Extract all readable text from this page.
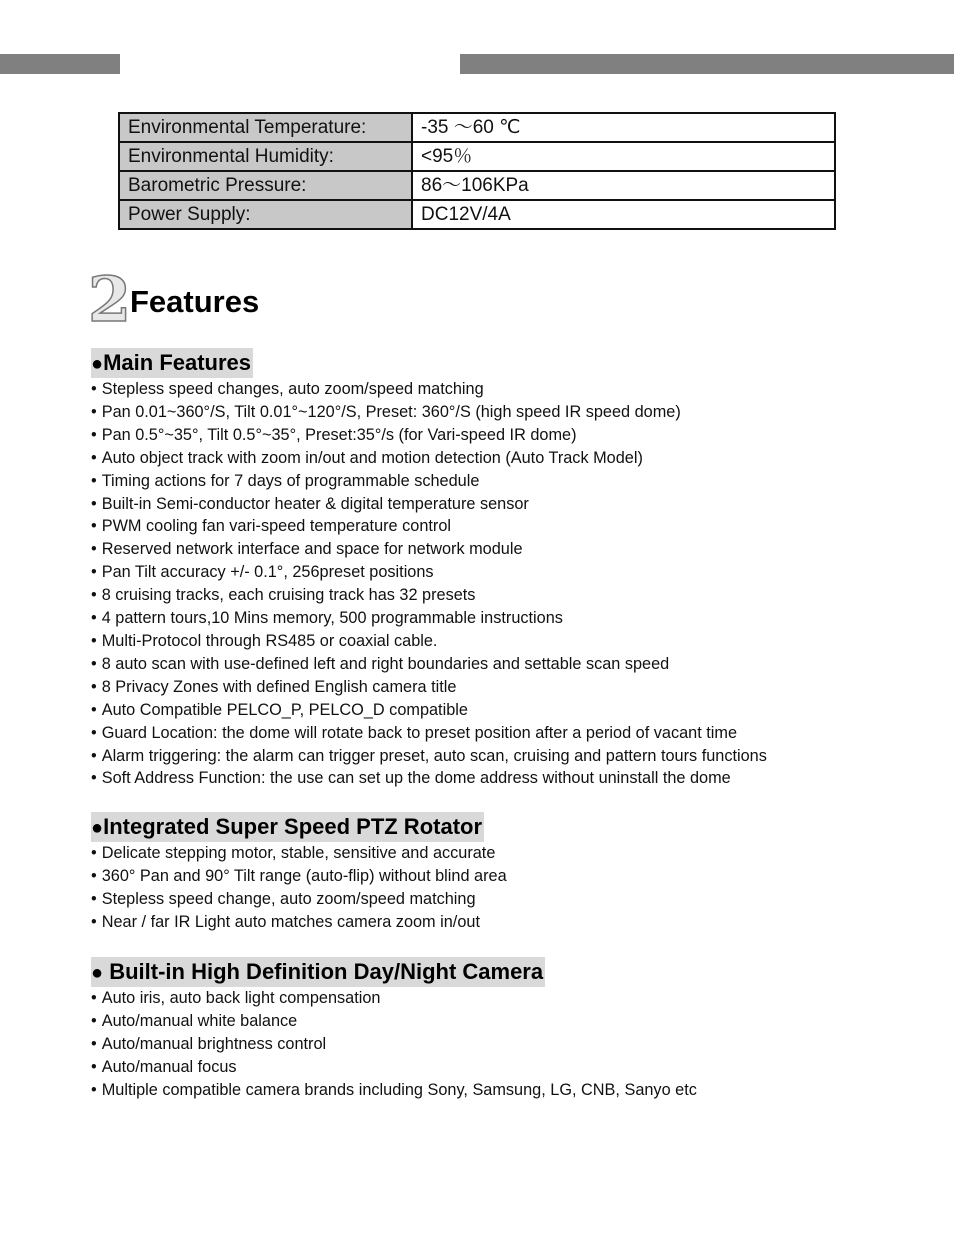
Environmental Temperature:	-35 ～60 ℃
Environmental Humidity:	<95％
Barometric Pressure:	86～106KPa
Power Supply:	DC12V/4A
2
Features
●Main Features
• Stepless speed changes, auto zoom/speed matching
• Pan 0.01~360°/S, Tilt 0.01°~120°/S, Preset: 360°/S (high speed IR speed dome)
• Pan 0.5°~35°, Tilt 0.5°~35°, Preset:35°/s (for Vari-speed IR dome)
• Auto object track with zoom in/out and motion detection (Auto Track Model)
• Timing actions for 7 days of programmable schedule
• Built-in Semi-conductor heater & digital temperature sensor
• PWM cooling fan vari-speed temperature control
• Reserved network interface and space for network module
• Pan Tilt accuracy +/- 0.1°, 256preset positions
• 8 cruising tracks, each cruising track has 32 presets
• 4 pattern tours,10 Mins memory, 500 programmable instructions
• Multi-Protocol through RS485 or coaxial cable.
• 8 auto scan with use-defined left and right boundaries and settable scan speed
• 8 Privacy Zones with defined English camera title
• Auto Compatible PELCO_P, PELCO_D compatible
• Guard Location: the dome will rotate back to preset position after a period of vacant time
• Alarm triggering: the alarm can trigger preset, auto scan, cruising and pattern tours functions
• Soft Address Function: the use can set up the dome address without uninstall the dome
●Integrated Super Speed PTZ Rotator
• Delicate stepping motor, stable, sensitive and accurate
• 360° Pan and 90° Tilt range (auto-flip) without blind area
• Stepless speed change, auto zoom/speed matching
• Near / far IR Light auto matches camera zoom in/out
● Built-in High Definition Day/Night Camera
• Auto iris, auto back light compensation
• Auto/manual white balance
• Auto/manual brightness control
• Auto/manual focus
• Multiple compatible camera brands including Sony, Samsung, LG, CNB, Sanyo etc
